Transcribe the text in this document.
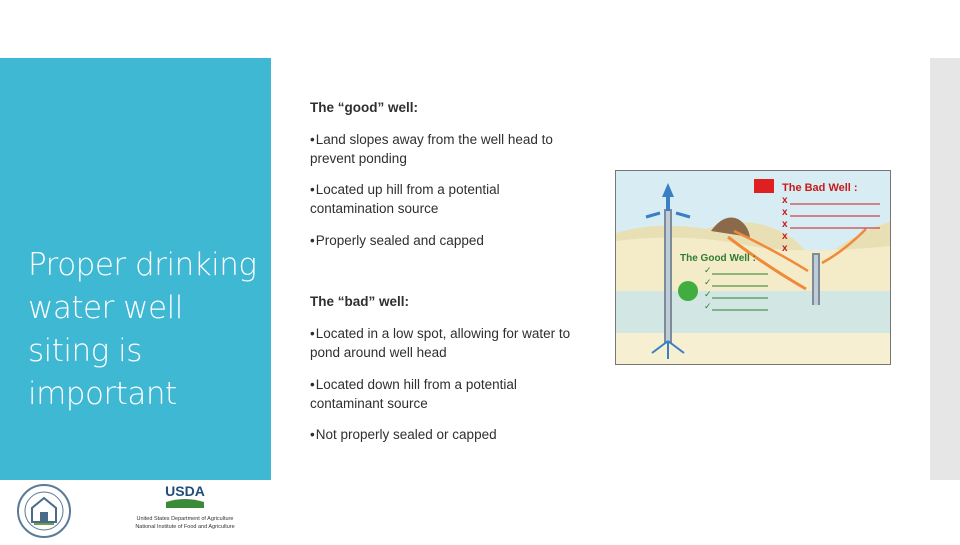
Proper drinking water well siting is important
The “good” well:
•Land slopes away from the well head to prevent ponding
•Located up hill from a potential contamination source
•Properly sealed and capped
The “bad” well:
•Located in a low spot, allowing for water to pond around well head
•Located down hill from a potential contaminant source
•Not properly sealed or capped
The Bad Well :
x
x
x
x
x
The Good Well :
✓
✓
✓
✓
USDA
United States Department of Agriculture
National Institute of Food and Agriculture
